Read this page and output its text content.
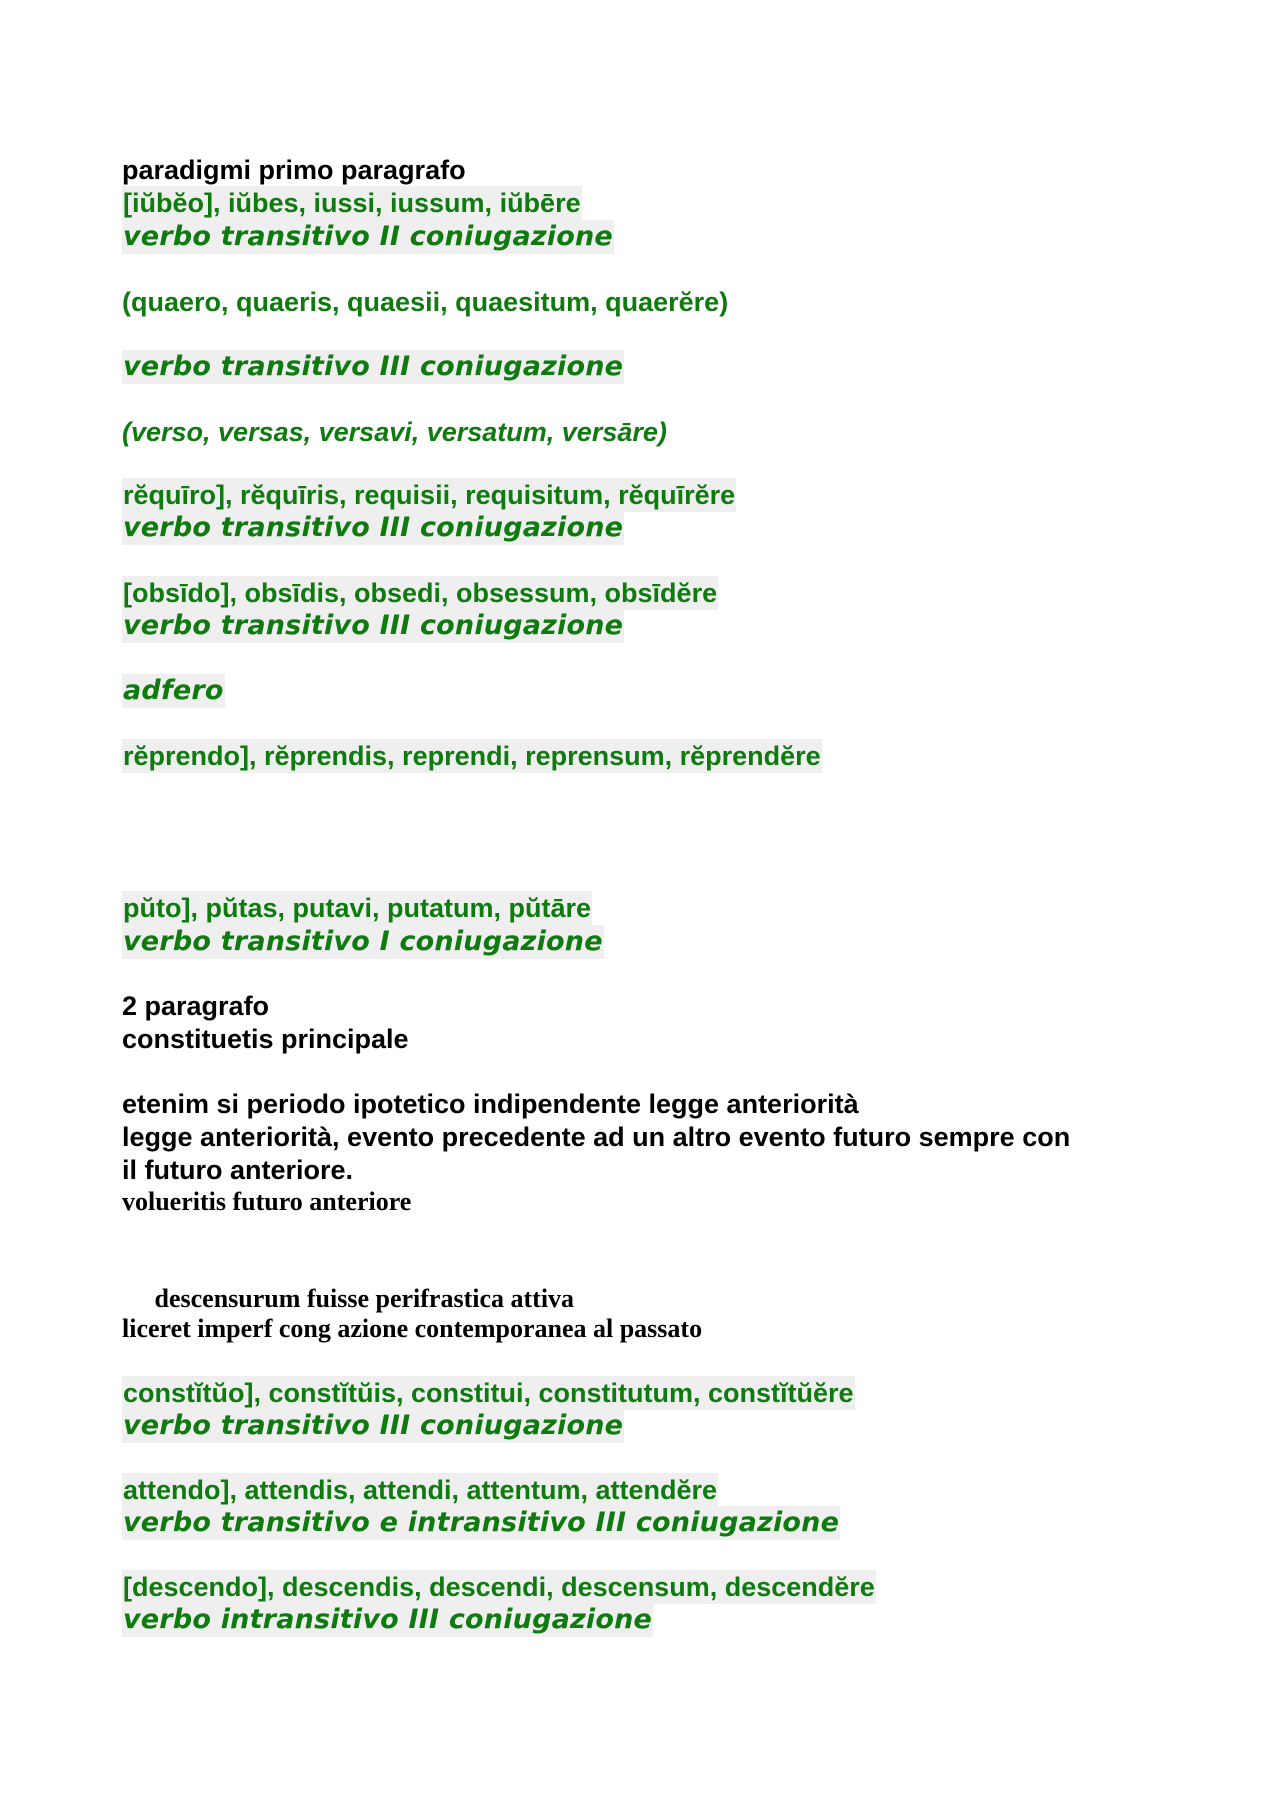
paradigmi primo paragrafo
[iŭbĕo], iŭbes, iussi, iussum, iŭbēre
verbo transitivo II coniugazione
(quaero, quaeris, quaesii, quaesitum, quaerĕre)
verbo transitivo III coniugazione
(verso, versas, versavi, versatum, versāre)
rĕquīro], rĕquīris, requisii, requisitum, rĕquīrĕre
verbo transitivo III coniugazione
[obsīdo], obsīdis, obsedi, obsessum, obsīdĕre
verbo transitivo III coniugazione
adfero
rĕprendo], rĕprendis, reprendi, reprensum, rĕprendĕre
pŭto], pŭtas, putavi, putatum, pŭtāre
verbo transitivo I coniugazione
2 paragrafo
constituetis principale
etenim si periodo ipotetico indipendente legge anteriorità
legge anteriorità, evento precedente ad un altro evento futuro sempre con
il futuro anteriore.
volueritis futuro anteriore

descensurum fuisse perifrastica attiva

liceret imperf cong azione contemporanea al passato
constĭtŭo], constĭtŭis, constitui, constitutum, constĭtŭĕre
verbo transitivo III coniugazione
attendo], attendis, attendi, attentum, attendĕre
verbo transitivo e intransitivo III coniugazione
[descendo], descendis, descendi, descensum, descendĕre
verbo intransitivo III coniugazione
